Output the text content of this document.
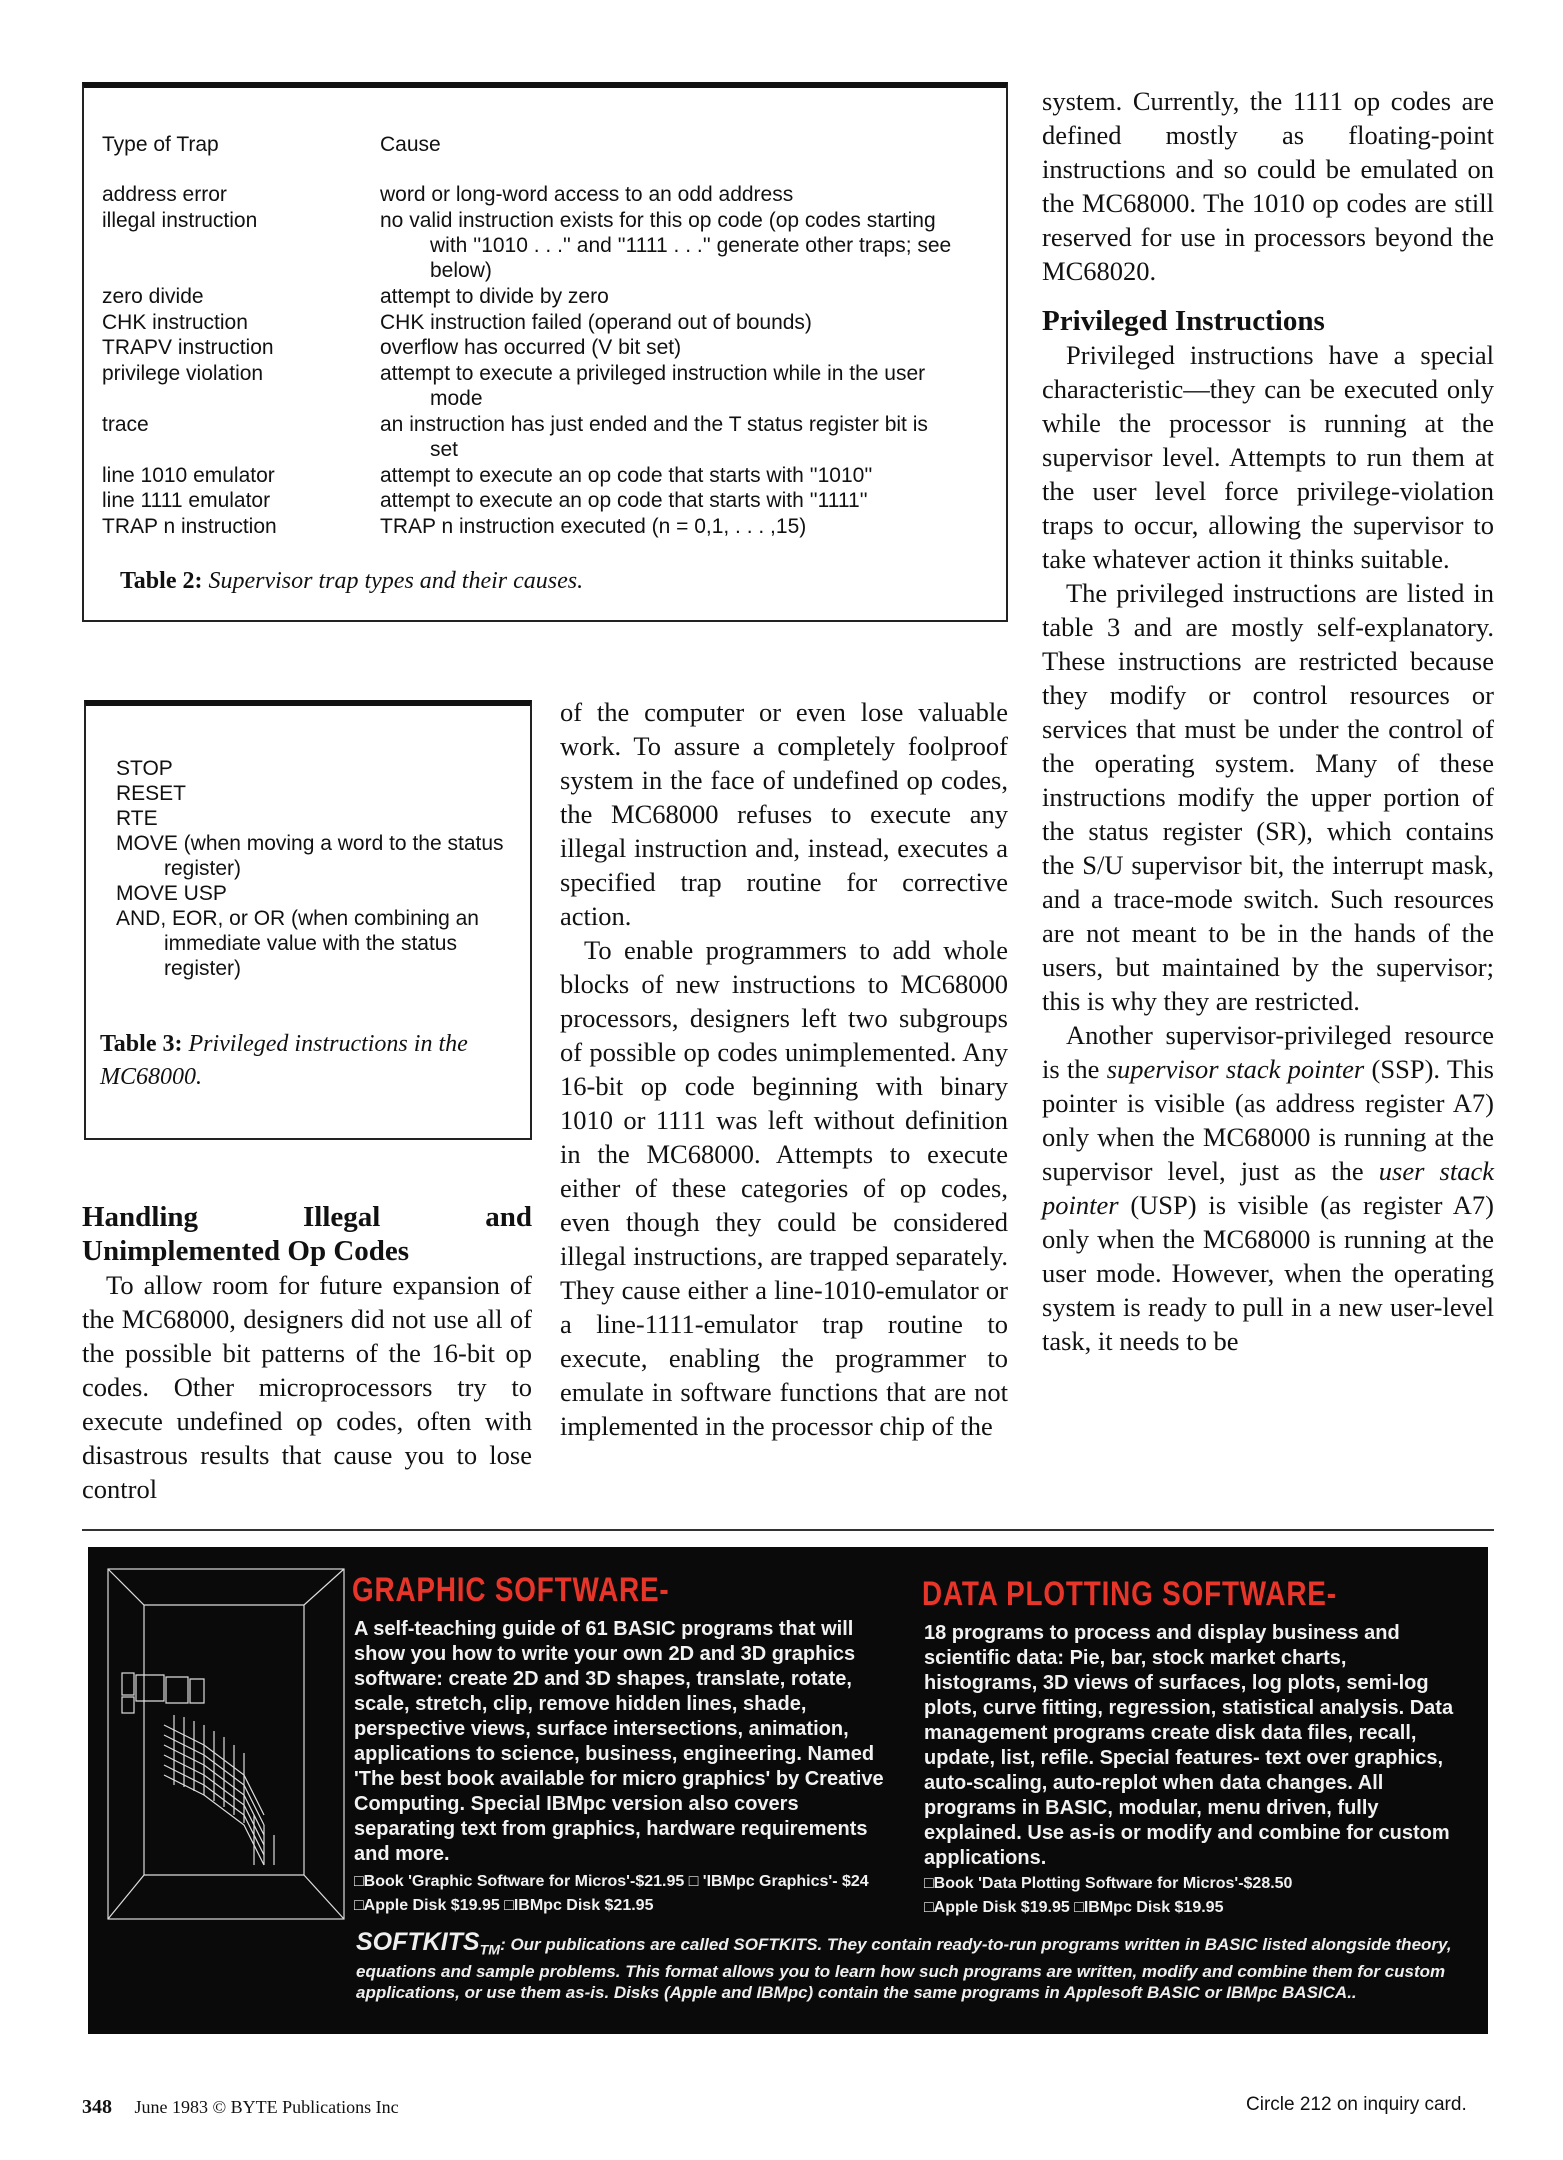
Type of Trap	Cause
address error	word or long-word access to an odd address
illegal instruction	no valid instruction exists for this op code (op codes starting
with ''1010 . . .'' and ''1111 . . .'' generate other traps; see below)
zero divide	attempt to divide by zero
CHK instruction	CHK instruction failed (operand out of bounds)
TRAPV instruction	overflow has occurred (V bit set)
privilege violation	attempt to execute a privileged instruction while in the user
mode
trace	an instruction has just ended and the T status register bit is
set
line 1010 emulator	attempt to execute an op code that starts with ''1010''
line 1111 emulator	attempt to execute an op code that starts with ''1111''
TRAP n instruction	TRAP n instruction executed (n = 0,1, . . . ,15)
Table 2: Supervisor trap types and their causes.
STOP
RESET
RTE
MOVE (when moving a word to the status register)
MOVE USP
AND, EOR, or OR (when combining an immediate value with the status register)
Table 3: Privileged instructions in the MC68000.
Handling Illegal and Unimplemented Op Codes

To allow room for future expansion of the MC68000, designers did not use all of the possible bit patterns of the 16-bit op codes. Other microprocessors try to execute undefined op codes, often with disastrous results that cause you to lose control

of the computer or even lose valuable work. To assure a completely foolproof system in the face of undefined op codes, the MC68000 refuses to execute any illegal instruction and, instead, executes a specified trap routine for corrective action.

To enable programmers to add whole blocks of new instructions to MC68000 processors, designers left two subgroups of possible op codes unimplemented. Any 16-bit op code beginning with binary 1010 or 1111 was left without definition in the MC68000. Attempts to execute either of these categories of op codes, even though they could be considered illegal instructions, are trapped separately. They cause either a line-1010-emulator or a line-1111-emulator trap routine to execute, enabling the programmer to emulate in software functions that are not implemented in the processor chip of the

system. Currently, the 1111 op codes are defined mostly as floating-point instructions and so could be emulated on the MC68000. The 1010 op codes are still reserved for use in processors beyond the MC68020.

Privileged Instructions

Privileged instructions have a special characteristic—they can be executed only while the processor is running at the supervisor level. Attempts to run them at the user level force privilege-violation traps to occur, allowing the supervisor to take whatever action it thinks suitable.

The privileged instructions are listed in table 3 and are mostly self-explanatory. These instructions are restricted because they modify or control resources or services that must be under the control of the operating system. Many of these instructions modify the upper portion of the status register (SR), which contains the S/U supervisor bit, the interrupt mask, and a trace-mode switch. Such resources are not meant to be in the hands of the users, but maintained by the supervisor; this is why they are restricted.

Another supervisor-privileged resource is the supervisor stack pointer (SSP). This pointer is visible (as address register A7) only when the MC68000 is running at the supervisor level, just as the user stack pointer (USP) is visible (as register A7) only when the MC68000 is running at the user mode. However, when the operating system is ready to pull in a new user-level task, it needs to be

GRAPHIC SOFTWARE-
A self-teaching guide of 61 BASIC programs that will show you how to write your own 2D and 3D graphics software: create 2D and 3D shapes, translate, rotate, scale, stretch, clip, remove hidden lines, shade, perspective views, surface intersections, animation, applications to science, business, engineering. Named 'The best book available for micro graphics' by Creative Computing. Special IBMpc version also covers separating text from graphics, hardware requirements and more.
□Book 'Graphic Software for Micros'-$21.95 □ 'IBMpc Graphics'- $24
□Apple Disk $19.95 □IBMpc Disk $21.95
DATA PLOTTING SOFTWARE-
18 programs to process and display business and scientific data: Pie, bar, stock market charts, histograms, 3D views of surfaces, log plots, semi-log plots, curve fitting, regression, statistical analysis. Data management programs create disk data files, recall, update, list, refile. Special features- text over graphics, auto-scaling, auto-replot when data changes. All programs in BASIC, modular, menu driven, fully explained. Use as-is or modify and combine for custom applications.
□Book 'Data Plotting Software for Micros'-$28.50
□Apple Disk $19.95 □IBMpc Disk $19.95
$SOFTKITS_{TM}$: Our publications are called SOFTKITS. They contain ready-to-run programs written in BASIC listed alongside theory, equations and sample problems. This format allows you to learn how such programs are written, modify and combine them for custom applications, or use them as-is. Disks (Apple and IBMpc) contain the same programs in Applesoft BASIC or IBMpc BASICA..
348 June 1983 © BYTE Publications Inc	Circle 212 on inquiry card.
